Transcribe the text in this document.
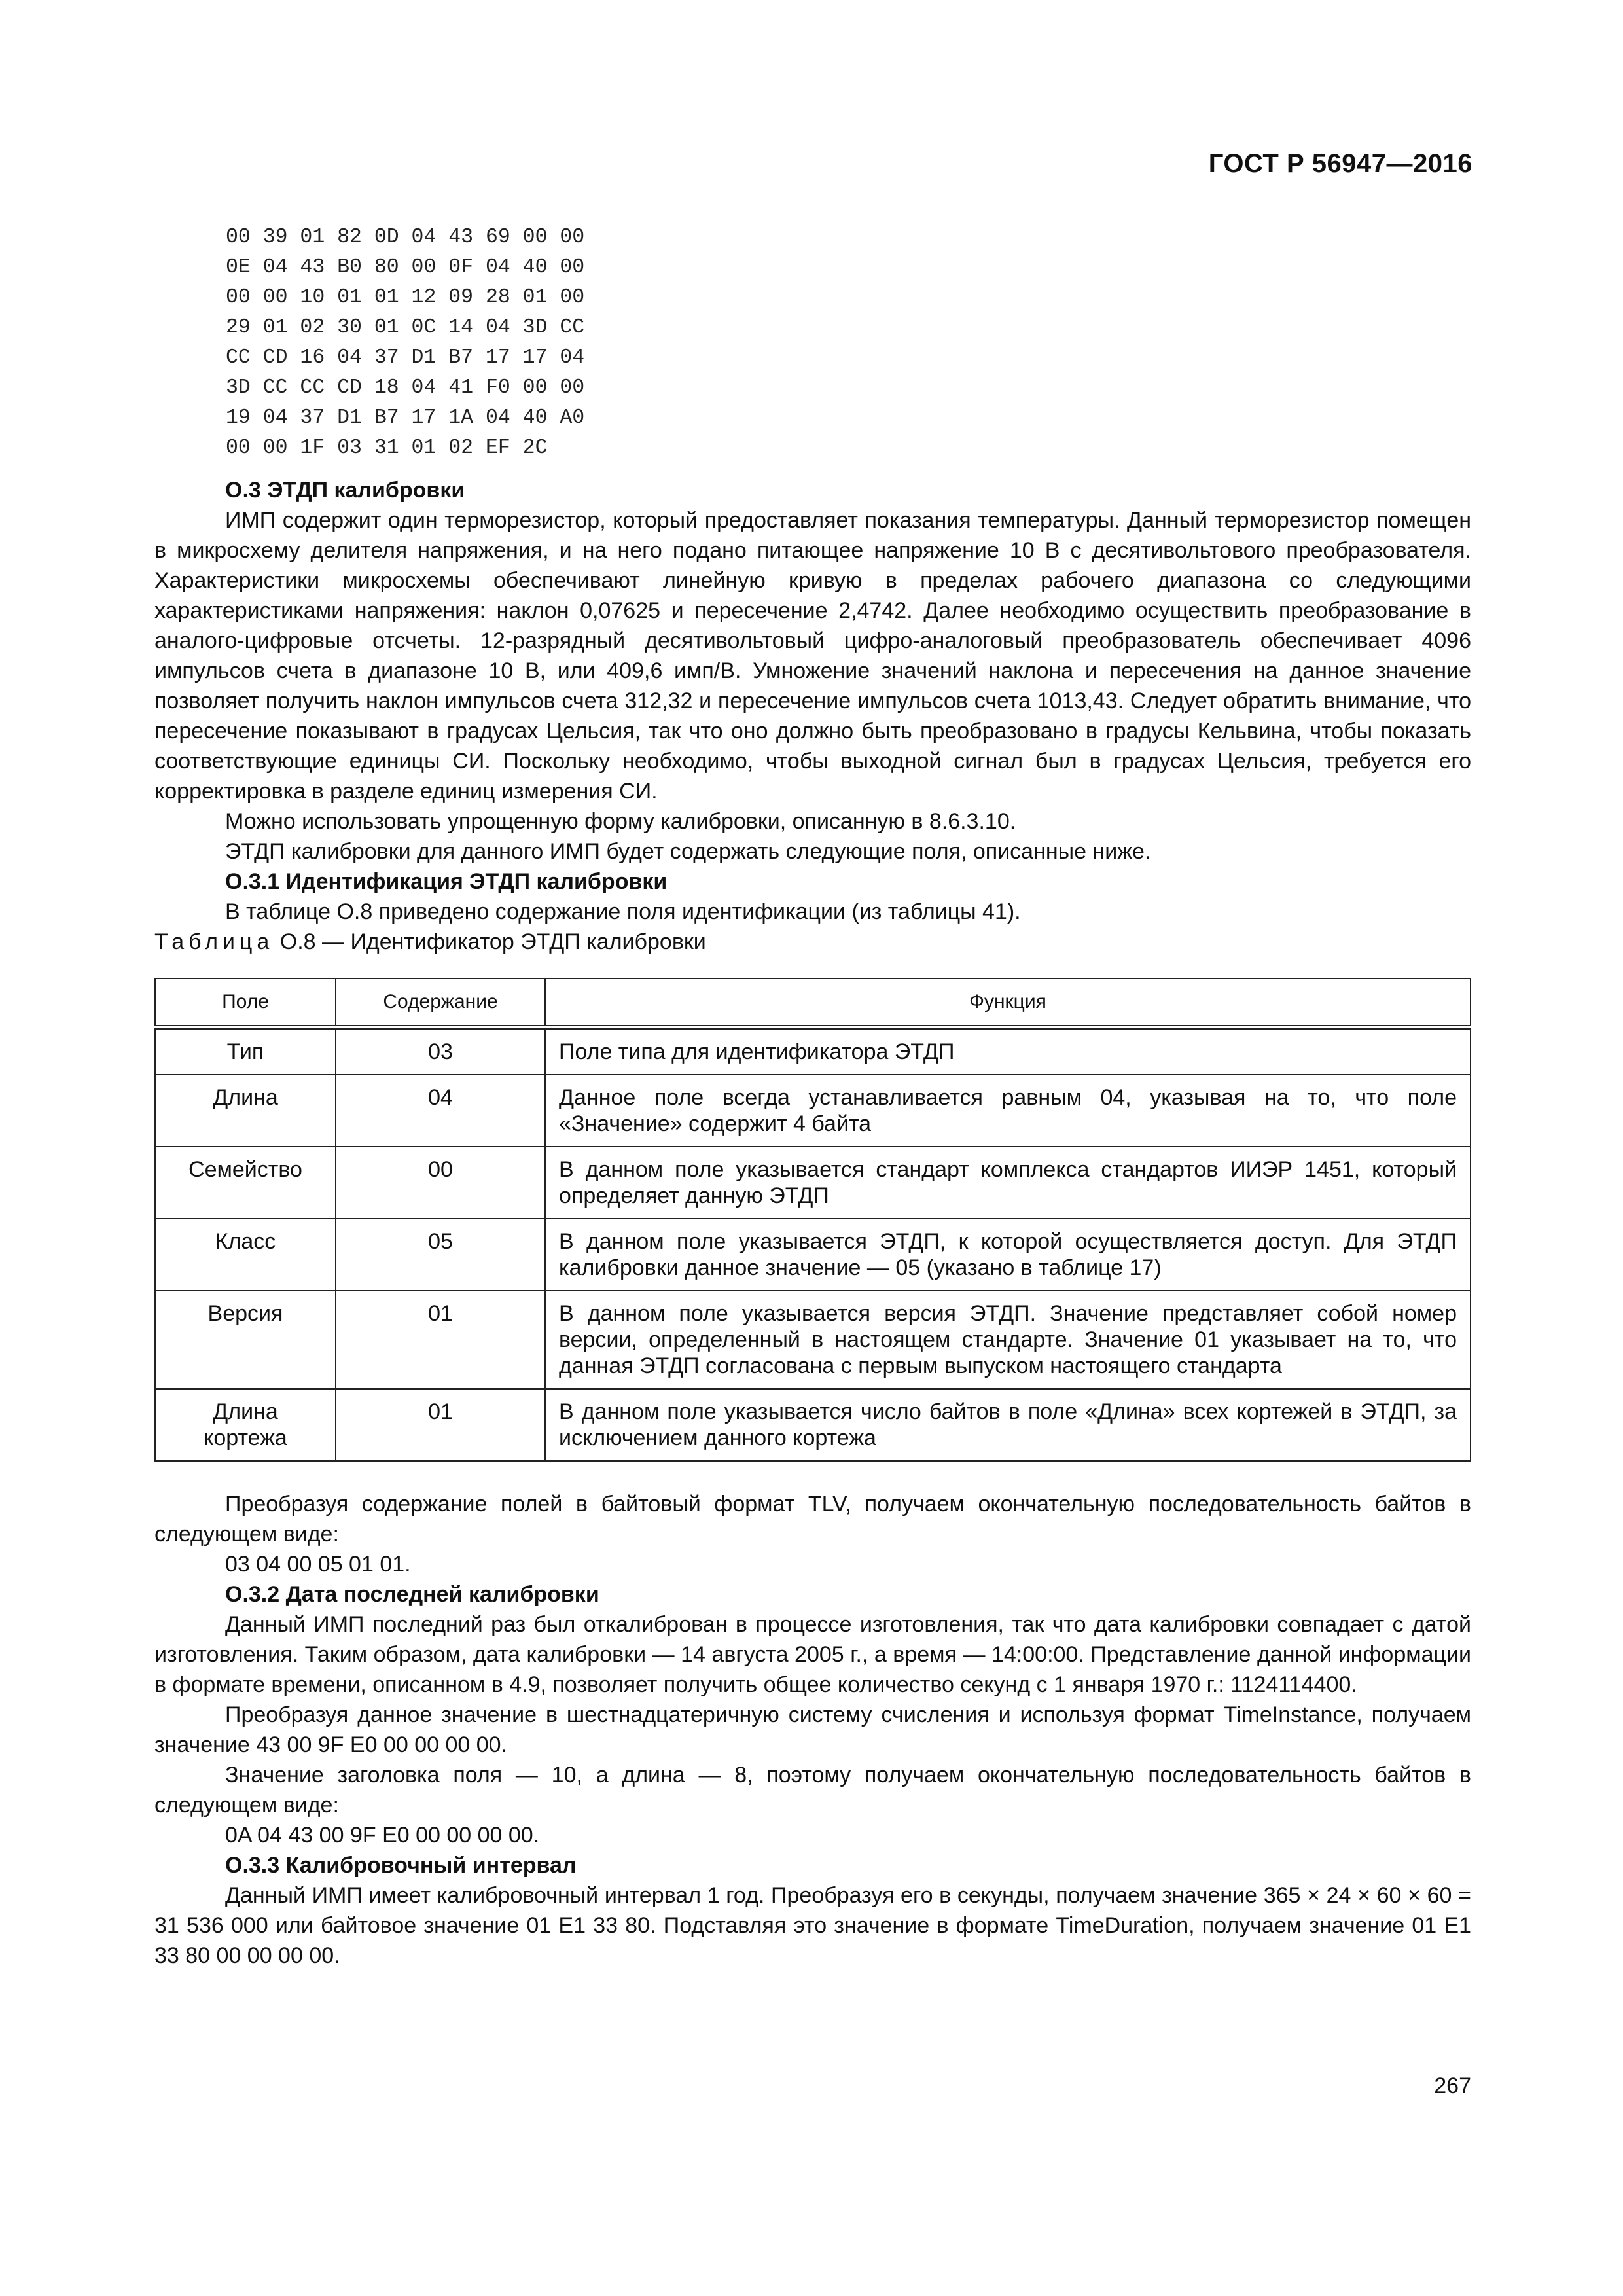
ГОСТ Р 56947—2016
00 39 01 82 0D 04 43 69 00 00
0E 04 43 B0 80 00 0F 04 40 00
00 00 10 01 01 12 09 28 01 00
29 01 02 30 01 0C 14 04 3D CC
CC CD 16 04 37 D1 B7 17 17 04
3D CC CC CD 18 04 41 F0 00 00
19 04 37 D1 B7 17 1A 04 40 A0
00 00 1F 03 31 01 02 EF 2C

О.3 ЭТДП калибровки

ИМП содержит один терморезистор, который предоставляет показания температуры. Данный терморезистор помещен в микросхему делителя напряжения, и на него подано питающее напряжение 10 В с десятивольтового преобразователя. Характеристики микросхемы обеспечивают линейную кривую в пределах рабочего диапазона со следующими характеристиками напряжения: наклон 0,07625 и пересечение 2,4742. Далее необходимо осуществить преобразование в аналого-цифровые отсчеты. 12-разрядный десятивольтовый цифро-аналоговый преобразователь обеспечивает 4096 импульсов счета в диапазоне 10 В, или 409,6 имп/В. Умножение значений наклона и пересечения на данное значение позволяет получить наклон импульсов счета 312,32 и пересечение импульсов счета 1013,43. Следует обратить внимание, что пересечение показывают в градусах Цельсия, так что оно должно быть преобразовано в градусы Кельвина, чтобы показать соответствующие единицы СИ. Поскольку необходимо, чтобы выходной сигнал был в градусах Цельсия, требуется его корректировка в разделе единиц измерения СИ.

Можно использовать упрощенную форму калибровки, описанную в 8.6.3.10.

ЭТДП калибровки для данного ИМП будет содержать следующие поля, описанные ниже.

О.3.1 Идентификация ЭТДП калибровки

В таблице О.8 приведено содержание поля идентификации (из таблицы 41).

Таблица О.8 — Идентификатор ЭТДП калибровки

Поле	Содержание	Функция
Тип	03	Поле типа для идентификатора ЭТДП
Длина	04	Данное поле всегда устанавливается равным 04, указывая на то, что поле «Значение» содержит 4 байта
Семейство	00	В данном поле указывается стандарт комплекса стандартов ИИЭР 1451, который определяет данную ЭТДП
Класс	05	В данном поле указывается ЭТДП, к которой осуществляется доступ. Для ЭТДП калибровки данное значение — 05 (указано в таблице 17)
Версия	01	В данном поле указывается версия ЭТДП. Значение представляет собой номер версии, определенный в настоящем стандарте. Значение 01 указывает на то, что данная ЭТДП согласована с первым выпуском настоящего стандарта
Длина кортежа	01	В данном поле указывается число байтов в поле «Длина» всех кортежей в ЭТДП, за исключением данного кортежа

Преобразуя содержание полей в байтовый формат TLV, получаем окончательную последовательность байтов в следующем виде:

03 04 00 05 01 01.

О.3.2 Дата последней калибровки

Данный ИМП последний раз был откалиброван в процессе изготовления, так что дата калибровки совпадает с датой изготовления. Таким образом, дата калибровки — 14 августа 2005 г., а время — 14:00:00. Представление данной информации в формате времени, описанном в 4.9, позволяет получить общее количество секунд с 1 января 1970 г.: 1124114400.

Преобразуя данное значение в шестнадцатеричную систему счисления и используя формат TimeInstance, получаем значение 43 00 9F E0 00 00 00 00.

Значение заголовка поля — 10, а длина — 8, поэтому получаем окончательную последовательность байтов в следующем виде:

0A 04 43 00 9F E0 00 00 00 00.

О.3.3 Калибровочный интервал

Данный ИМП имеет калибровочный интервал 1 год. Преобразуя его в секунды, получаем значение 365 × 24 × 60 × 60 = 31 536 000 или байтовое значение 01 E1 33 80. Подставляя это значение в формате TimeDuration, получаем значение 01 E1 33 80 00 00 00 00.

267
